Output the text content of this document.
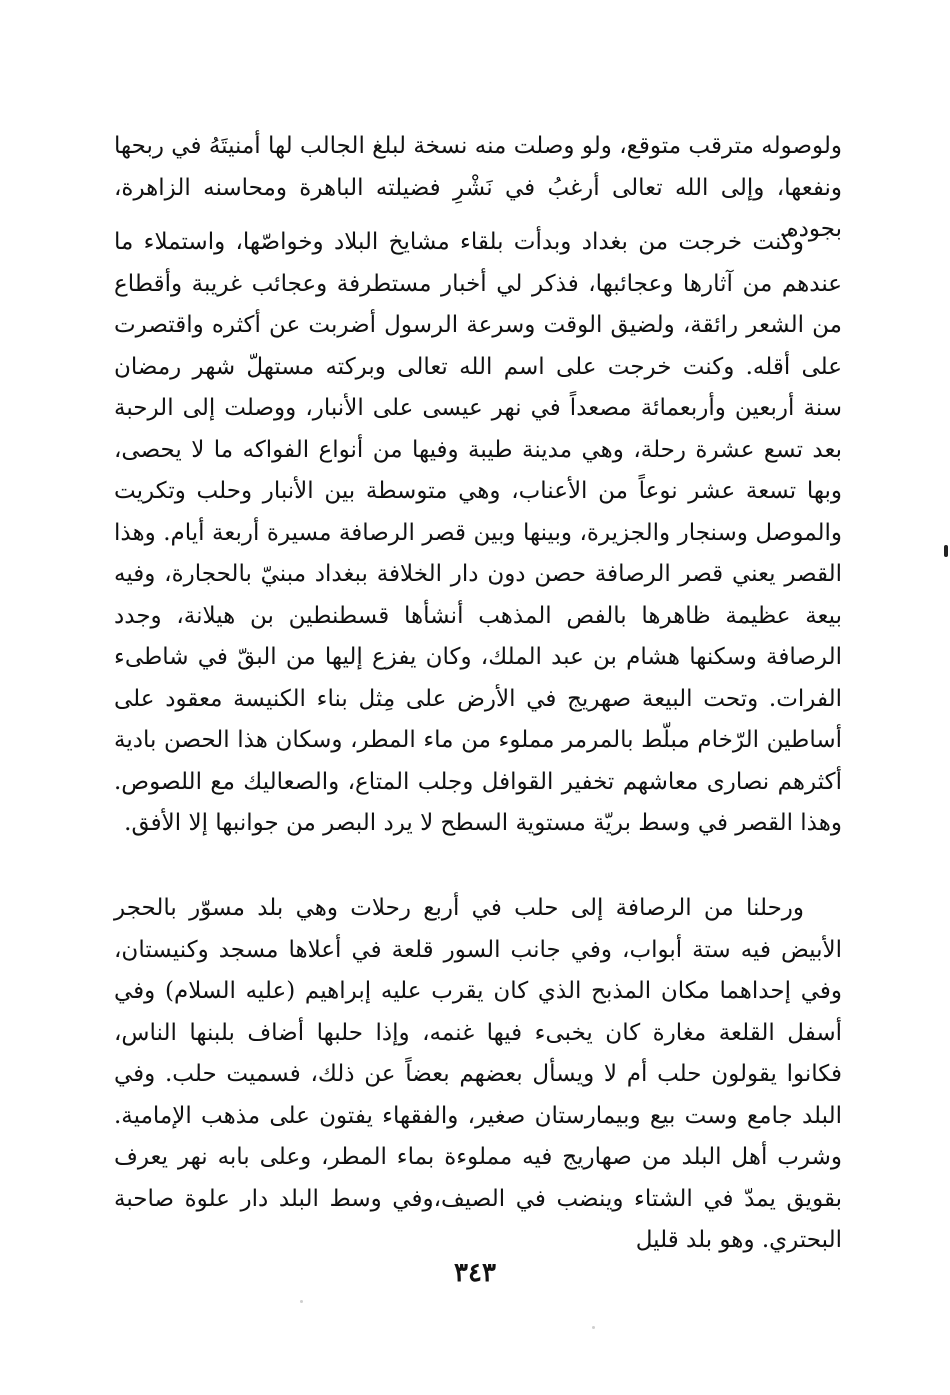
ولوصوله مترقب متوقع، ولو وصلت منه نسخة لبلغ الجالب لها أمنيتَهُ في ربحها ونفعها، وإلى الله تعالى أرغبُ في نَشْرِ فضيلته الباهرة ومحاسنه الزاهرة، بجوده.

وكنت خرجت من بغداد وبدأت بلقاء مشايخ البلاد وخواصّها، واستملاء ما عندهم من آثارها وعجائبها، فذكر لي أخبار مستطرفة وعجائب غريبة وأقطاع من الشعر رائقة، ولضيق الوقت وسرعة الرسول أضربت عن أكثره واقتصرت على أقله. وكنت خرجت على اسم الله تعالى وبركته مستهلّ شهر رمضان سنة أربعين وأربعمائة مصعداً في نهر عيسى على الأنبار، ووصلت إلى الرحبة بعد تسع عشرة رحلة، وهي مدينة طيبة وفيها من أنواع الفواكه ما لا يحصى، وبها تسعة عشر نوعاً من الأعناب، وهي متوسطة بين الأنبار وحلب وتكريت والموصل وسنجار والجزيرة، وبينها وبين قصر الرصافة مسيرة أربعة أيام. وهذا القصر يعني قصر الرصافة حصن دون دار الخلافة ببغداد مبنيّ بالحجارة، وفيه بيعة عظيمة ظاهرها بالفص المذهب أنشأها قسطنطين بن هيلانة، وجدد الرصافة وسكنها هشام بن عبد الملك، وكان يفزع إليها من البقّ في شاطىء الفرات. وتحت البيعة صهريج في الأرض على مِثل بناء الكنيسة معقود على أساطين الرّخام مبلّط بالمرمر مملوء من ماء المطر، وسكان هذا الحصن بادية أكثرهم نصارى معاشهم تخفير القوافل وجلب المتاع، والصعاليك مع اللصوص. وهذا القصر في وسط بريّة مستوية السطح لا يرد البصر من جوانبها إلا الأفق.

ورحلنا من الرصافة إلى حلب في أربع رحلات وهي بلد مسوّر بالحجر الأبيض فيه ستة أبواب، وفي جانب السور قلعة في أعلاها مسجد وكنيستان، وفي إحداهما مكان المذبح الذي كان يقرب عليه إبراهيم (عليه السلام) وفي أسفل القلعة مغارة كان يخبىء فيها غنمه، وإذا حلبها أضاف بلبنها الناس، فكانوا يقولون حلب أم لا ويسأل بعضهم بعضاً عن ذلك، فسميت حلب. وفي البلد جامع وست بيع وبيمارستان صغير، والفقهاء يفتون على مذهب الإمامية. وشرب أهل البلد من صهاريج فيه مملوءة بماء المطر، وعلى بابه نهر يعرف بقويق يمدّ في الشتاء وينضب في الصيف،وفي وسط البلد دار علوة صاحبة البحتري. وهو بلد قليل

٣٤٣
